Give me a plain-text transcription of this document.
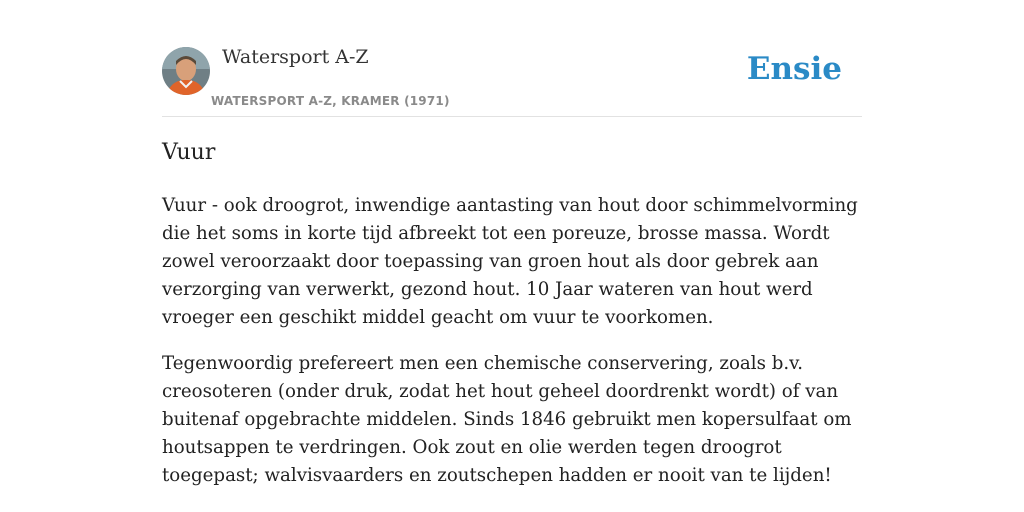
Watersport A-Z
WATERSPORT A-Z, KRAMER (1971)
Ensie
Vuur

Vuur - ook droogrot, inwendige aantasting van hout door schimmelvorming die het soms in korte tijd afbreekt tot een poreuze, brosse massa. Wordt zowel veroorzaakt door toepassing van groen hout als door gebrek aan verzorging van verwerkt, gezond hout. 10 Jaar wateren van hout werd vroeger een geschikt middel geacht om vuur te voorkomen.

Tegenwoordig prefereert men een chemische conservering, zoals b.v. creosoteren (onder druk, zodat het hout geheel doordrenkt wordt) of van buitenaf opgebrachte middelen. Sinds 1846 gebruikt men kopersulfaat om houtsappen te verdringen. Ook zout en olie werden tegen droogrot toegepast; walvisvaarders en zoutschepen hadden er nooit van te lijden!
